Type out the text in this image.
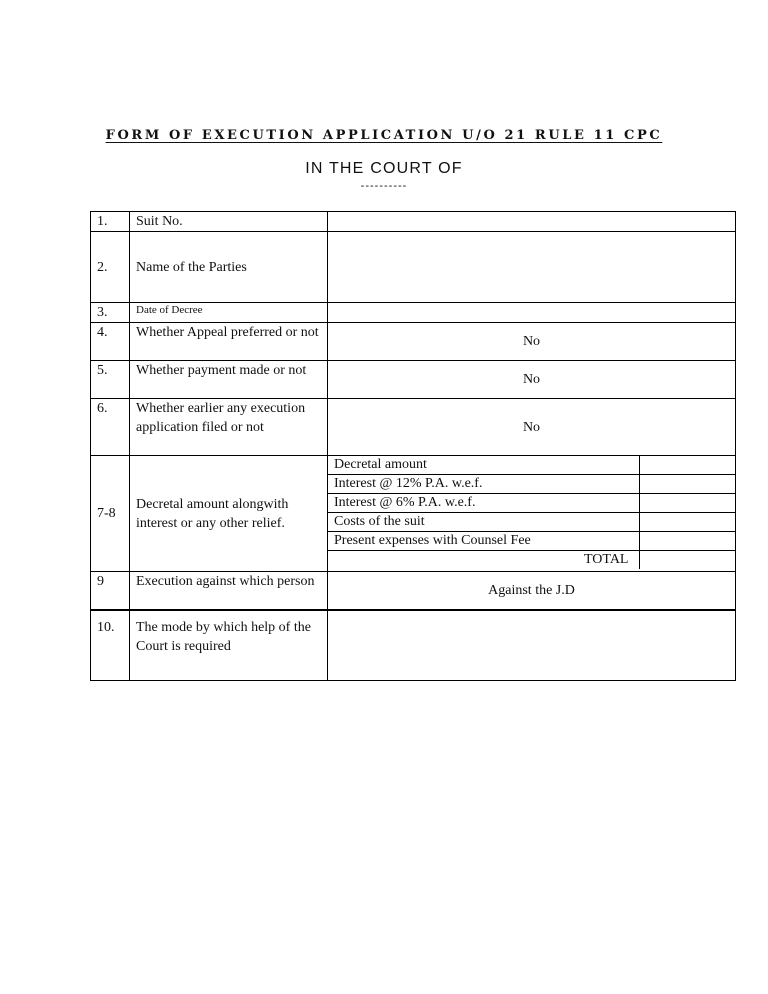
FORM OF EXECUTION APPLICATION U/O 21 RULE 11 CPC
IN THE COURT OF
----------
1.	Suit No.	
2.	Name of the Parties	
3.	Date of Decree	
4.	Whether Appeal preferred or not	No
5.	Whether payment made or not	No
6.	Whether earlier any execution application filed or not	No
7-8	Decretal amount alongwith interest or any other relief.	
Decretal amount	
Interest @ 12% P.A. w.e.f.	
Interest @ 6% P.A. w.e.f.	
Costs of the suit	
Present expenses with Counsel Fee	
TOTAL	

9	Execution against which person	Against the J.D
10.	The mode by which help of the Court is required	
